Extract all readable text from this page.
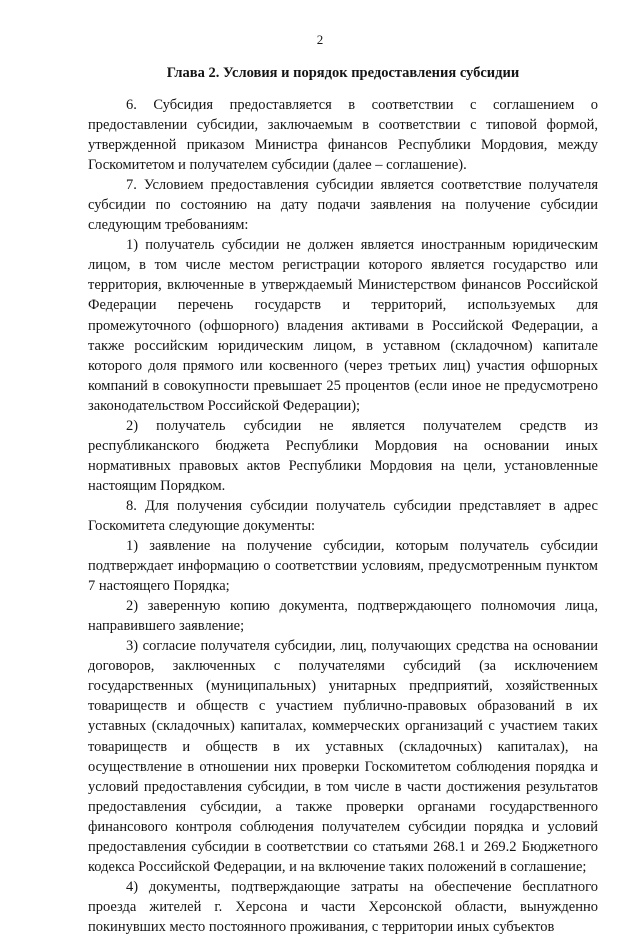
2
Глава 2. Условия и порядок предоставления субсидии

6. Субсидия предоставляется в соответствии с соглашением о предоставлении субсидии, заключаемым в соответствии с типовой формой, утвержденной приказом Министра финансов Республики Мордовия, между Госкомитетом и получателем субсидии (далее – соглашение).

7. Условием предоставления субсидии является соответствие получателя субсидии по состоянию на дату подачи заявления на получение субсидии следующим требованиям:

1) получатель субсидии не должен является иностранным юридическим лицом, в том числе местом регистрации которого является государство или территория, включенные в утверждаемый Министерством финансов Российской Федерации перечень государств и территорий, используемых для промежуточного (офшорного) владения активами в Российской Федерации, а также российским юридическим лицом, в уставном (складочном) капитале которого доля прямого или косвенного (через третьих лиц) участия офшорных компаний в совокупности превышает 25 процентов (если иное не предусмотрено законодательством Российской Федерации);

2) получатель субсидии не является получателем средств из республиканского бюджета Республики Мордовия на основании иных нормативных правовых актов Республики Мордовия на цели, установленные настоящим Порядком.

8. Для получения субсидии получатель субсидии представляет в адрес Госкомитета следующие документы:

1) заявление на получение субсидии, которым получатель субсидии подтверждает информацию о соответствии условиям, предусмотренным пунктом 7 настоящего Порядка;

2) заверенную копию документа, подтверждающего полномочия лица, направившего заявление;

3) согласие получателя субсидии, лиц, получающих средства на основании договоров, заключенных с получателями субсидий (за исключением государственных (муниципальных) унитарных предприятий, хозяйственных товариществ и обществ с участием публично-правовых образований в их уставных (складочных) капиталах, коммерческих организаций с участием таких товариществ и обществ в их уставных (складочных) капиталах), на осуществление в отношении них проверки Госкомитетом соблюдения порядка и условий предоставления субсидии, в том числе в части достижения результатов предоставления субсидии, а также проверки органами государственного финансового контроля соблюдения получателем субсидии порядка и условий предоставления субсидии в соответствии со статьями 268.1 и 269.2 Бюджетного кодекса Российской Федерации, и на включение таких положений в соглашение;

4) документы, подтверждающие затраты на обеспечение бесплатного проезда жителей г. Херсона и части Херсонской области, вынужденно покинувших место постоянного проживания, с территории иных субъектов
